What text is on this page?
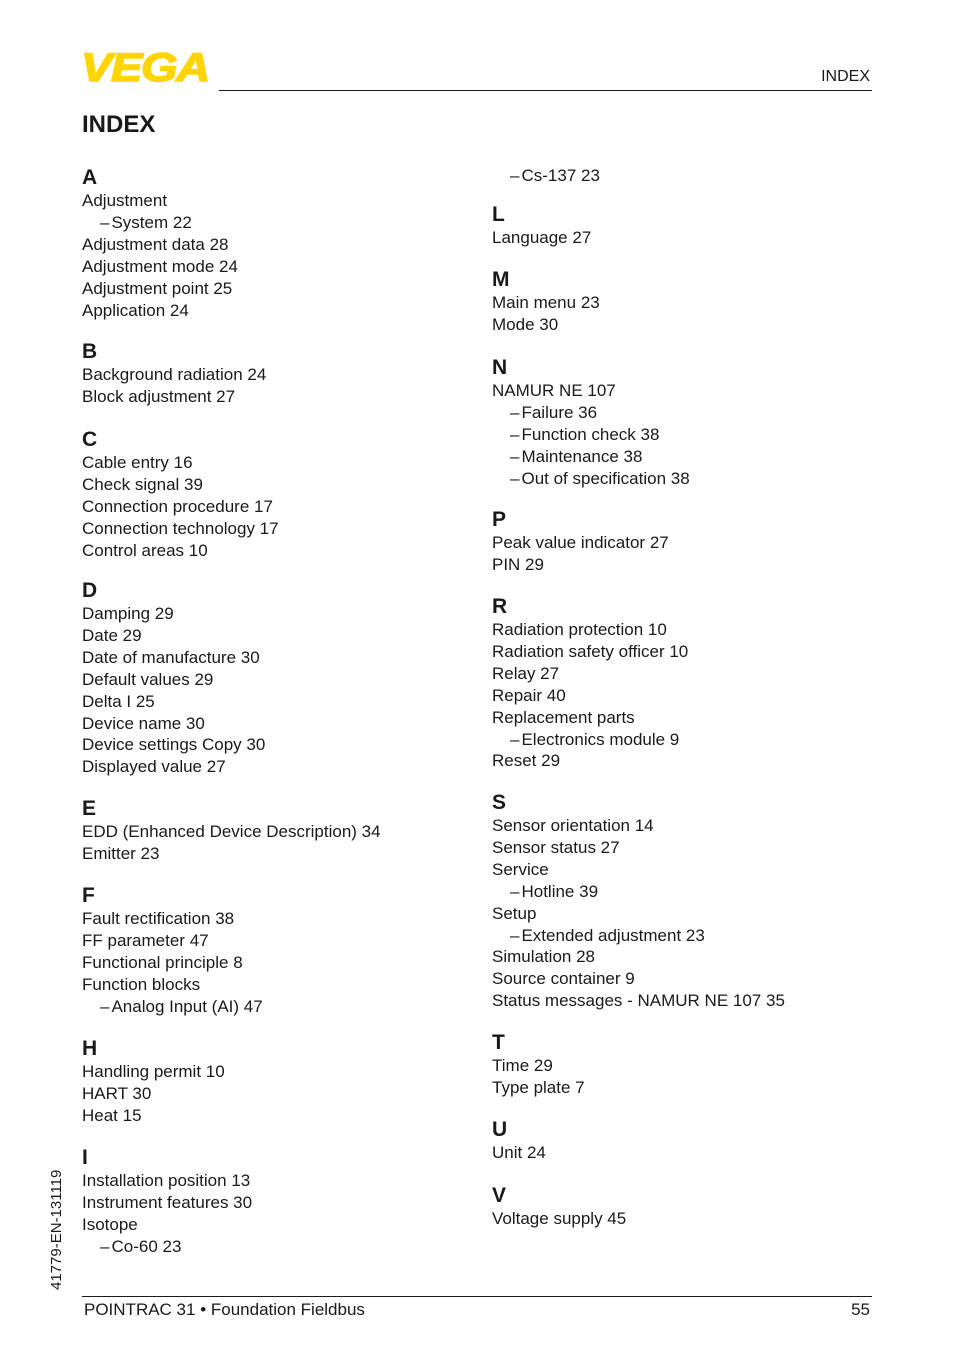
VEGA	INDEX
INDEX
A
Adjustment
– System 22
Adjustment data 28
Adjustment mode 24
Adjustment point 25
Application 24
B
Background radiation 24
Block adjustment 27
C
Cable entry 16
Check signal 39
Connection procedure 17
Connection technology 17
Control areas 10
D
Damping 29
Date 29
Date of manufacture 30
Default values 29
Delta I 25
Device name 30
Device settings Copy 30
Displayed value 27
E
EDD (Enhanced Device Description) 34
Emitter 23
F
Fault rectification 38
FF parameter 47
Functional principle 8
Function blocks
– Analog Input (AI) 47
H
Handling permit 10
HART 30
Heat 15
I
Installation position 13
Instrument features 30
Isotope
– Co-60 23
– Cs-137 23
L
Language 27
M
Main menu 23
Mode 30
N
NAMUR NE 107
– Failure 36
– Function check 38
– Maintenance 38
– Out of specification 38
P
Peak value indicator 27
PIN 29
R
Radiation protection 10
Radiation safety officer 10
Relay 27
Repair 40
Replacement parts
– Electronics module 9
Reset 29
S
Sensor orientation 14
Sensor status 27
Service
– Hotline 39
Setup
– Extended adjustment 23
Simulation 28
Source container 9
Status messages - NAMUR NE 107 35
T
Time 29
Type plate 7
U
Unit 24
V
Voltage supply 45
POINTRAC 31 • Foundation Fieldbus	55
41779-EN-131119
